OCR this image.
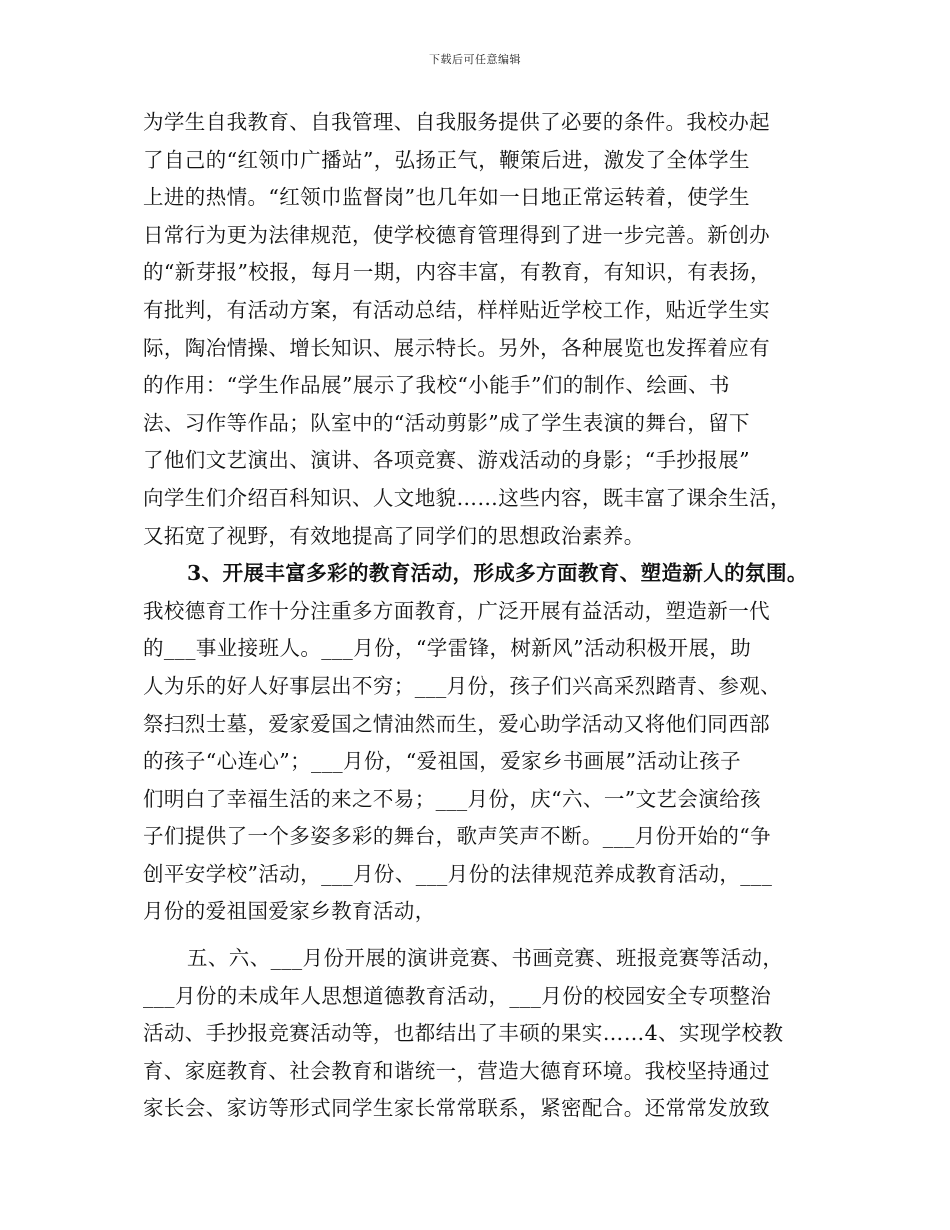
下载后可任意编辑
为学生自我教育、自我管理、自我服务提供了必要的条件。我校办起
了自己的“红领巾广播站”，弘扬正气，鞭策后进，激发了全体学生
上进的热情。“红领巾监督岗”也几年如一日地正常运转着，使学生
日常行为更为法律规范，使学校德育管理得到了进一步完善。新创办
的“新芽报”校报，每月一期，内容丰富，有教育，有知识，有表扬，
有批判，有活动方案，有活动总结，样样贴近学校工作，贴近学生实
际，陶冶情操、增长知识、展示特长。另外，各种展览也发挥着应有
的作用：“学生作品展”展示了我校“小能手”们的制作、绘画、书
法、习作等作品；队室中的“活动剪影”成了学生表演的舞台，留下
了他们文艺演出、演讲、各项竞赛、游戏活动的身影；“手抄报展”
向学生们介绍百科知识、人文地貌……这些内容，既丰富了课余生活，
又拓宽了视野，有效地提高了同学们的思想政治素养。
3、开展丰富多彩的教育活动，形成多方面教育、塑造新人的氛围。
我校德育工作十分注重多方面教育，广泛开展有益活动，塑造新一代
的___事业接班人。___月份，“学雷锋，树新风”活动积极开展，助
人为乐的好人好事层出不穷；___月份，孩子们兴高采烈踏青、参观、
祭扫烈士墓，爱家爱国之情油然而生，爱心助学活动又将他们同西部
的孩子“心连心”；___月份，“爱祖国，爱家乡书画展”活动让孩子
们明白了幸福生活的来之不易；___月份，庆“六、一”文艺会演给孩
子们提供了一个多姿多彩的舞台，歌声笑声不断。___月份开始的“争
创平安学校”活动，___月份、___月份的法律规范养成教育活动，___
月份的爱祖国爱家乡教育活动，
五、六、___月份开展的演讲竞赛、书画竞赛、班报竞赛等活动，
___月份的未成年人思想道德教育活动，___月份的校园安全专项整治
活动、手抄报竞赛活动等，也都结出了丰硕的果实……4、实现学校教
育、家庭教育、社会教育和谐统一，营造大德育环境。我校坚持通过
家长会、家访等形式同学生家长常常联系，紧密配合。还常常发放致
